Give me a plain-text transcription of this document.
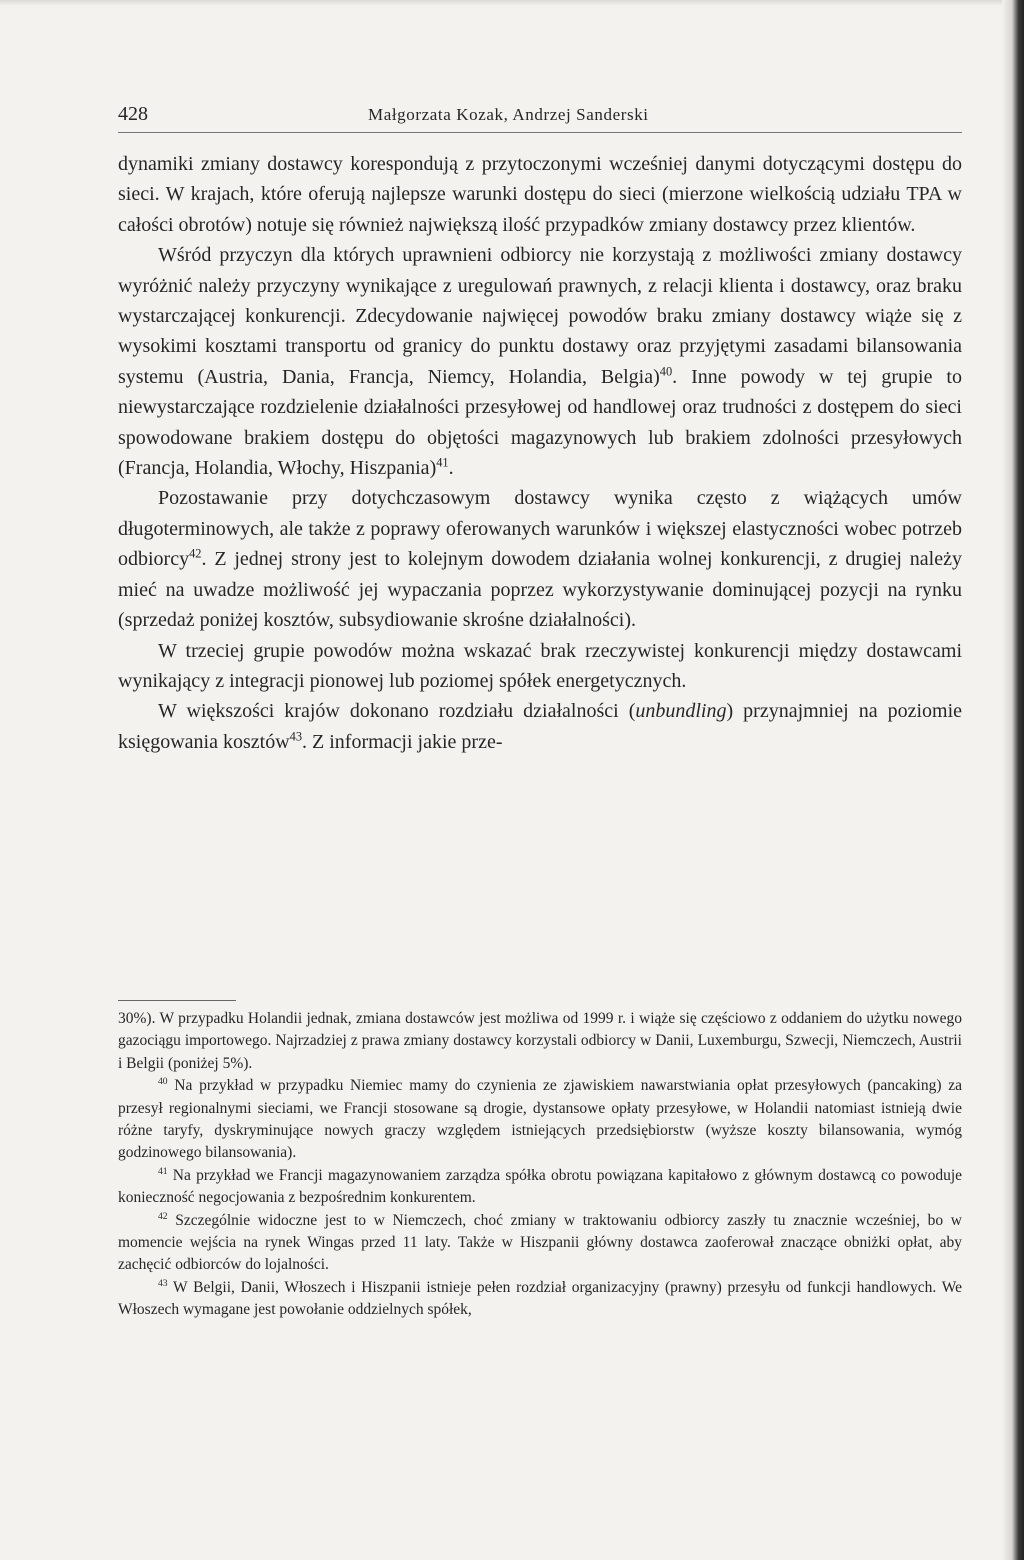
428	Małgorzata Kozak, Andrzej Sanderski

dynamiki zmiany dostawcy korespondują z przytoczonymi wcześniej danymi dotyczącymi dostępu do sieci. W krajach, które oferują najlepsze warunki dostępu do sieci (mierzone wielkością udziału TPA w całości obrotów) notuje się również największą ilość przypadków zmiany dostawcy przez klientów.

Wśród przyczyn dla których uprawnieni odbiorcy nie korzystają z możliwości zmiany dostawcy wyróżnić należy przyczyny wynikające z uregulowań prawnych, z relacji klienta i dostawcy, oraz braku wystarczającej konkurencji. Zdecydowanie najwięcej powodów braku zmiany dostawcy wiąże się z wysokimi kosztami transportu od granicy do punktu dostawy oraz przyjętymi zasadami bilansowania systemu (Austria, Dania, Francja, Niemcy, Holandia, Belgia)$^{40}$. Inne powody w tej grupie to niewystarczające rozdzielenie działalności przesyłowej od handlowej oraz trudności z dostępem do sieci spowodowane brakiem dostępu do objętości magazynowych lub brakiem zdolności przesyłowych (Francja, Holandia, Włochy, Hiszpania)$^{41}$.

Pozostawanie przy dotychczasowym dostawcy wynika często z wiążących umów długoterminowych, ale także z poprawy oferowanych warunków i większej elastyczności wobec potrzeb odbiorcy$^{42}$. Z jednej strony jest to kolejnym dowodem działania wolnej konkurencji, z drugiej należy mieć na uwadze możliwość jej wypaczania poprzez wykorzystywanie dominującej pozycji na rynku (sprzedaż poniżej kosztów, subsydiowanie skrośne działalności).

W trzeciej grupie powodów można wskazać brak rzeczywistej konkurencji między dostawcami wynikający z integracji pionowej lub poziomej spółek energetycznych.

W większości krajów dokonano rozdziału działalności (unbundling) przynajmniej na poziomie księgowania kosztów$^{43}$. Z informacji jakie prze-

30%). W przypadku Holandii jednak, zmiana dostawców jest możliwa od 1999 r. i wiąże się częściowo z oddaniem do użytku nowego gazociągu importowego. Najrzadziej z prawa zmiany dostawcy korzystali odbiorcy w Danii, Luxemburgu, Szwecji, Niemczech, Austrii i Belgii (poniżej 5%).

$^{40}$ Na przykład w przypadku Niemiec mamy do czynienia ze zjawiskiem nawarstwiania opłat przesyłowych (pancaking) za przesył regionalnymi sieciami, we Francji stosowane są drogie, dystansowe opłaty przesyłowe, w Holandii natomiast istnieją dwie różne taryfy, dyskryminujące nowych graczy względem istniejących przedsiębiorstw (wyższe koszty bilansowania, wymóg godzinowego bilansowania).

$^{41}$ Na przykład we Francji magazynowaniem zarządza spółka obrotu powiązana kapitałowo z głównym dostawcą co powoduje konieczność negocjowania z bezpośrednim konkurentem.

$^{42}$ Szczególnie widoczne jest to w Niemczech, choć zmiany w traktowaniu odbiorcy zaszły tu znacznie wcześniej, bo w momencie wejścia na rynek Wingas przed 11 laty. Także w Hiszpanii główny dostawca zaoferował znaczące obniżki opłat, aby zachęcić odbiorców do lojalności.

$^{43}$ W Belgii, Danii, Włoszech i Hiszpanii istnieje pełen rozdział organizacyjny (prawny) przesyłu od funkcji handlowych. We Włoszech wymagane jest powołanie oddzielnych spółek,
